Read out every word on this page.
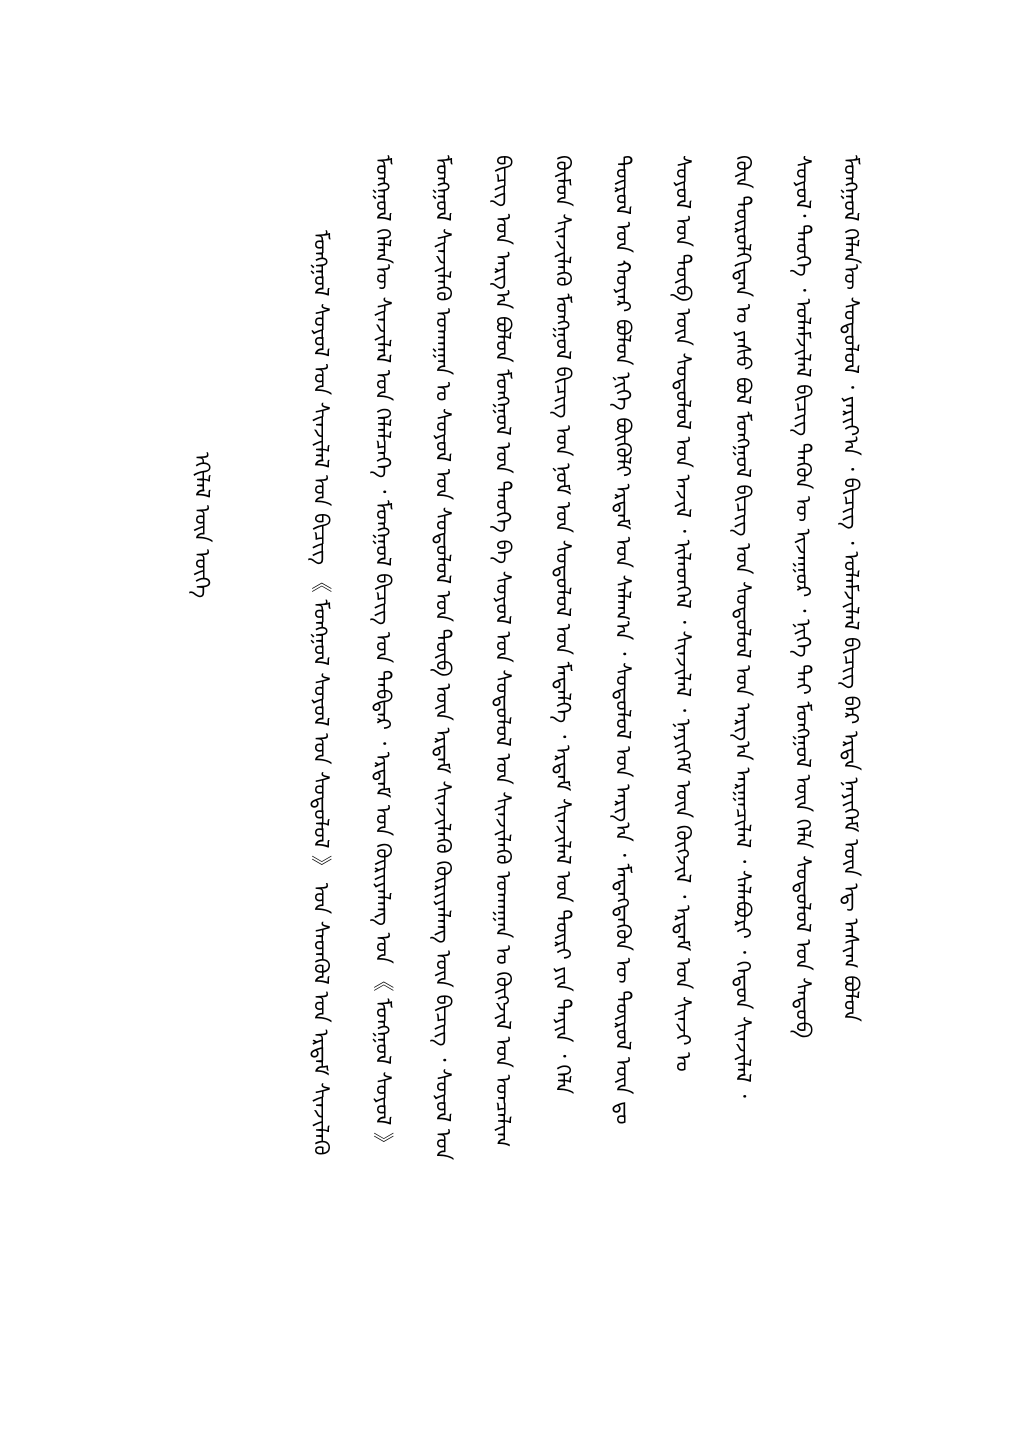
ᠡᠬᠢᠯᠡᠯ ᠦᠨ ᠦᠭᠡ	ᠮᠣᠩᠭᠣᠯ ᠰᠣᠶᠣᠯ ᠤᠨ ᠰᠢᠨᠵᠢᠯᠡᠯ ᠤᠨ ᠪᠢᠴᠢᠭ 《 ᠮᠣᠩᠭᠣᠯ ᠰᠣᠶᠣᠯ ᠤᠨ ᠰᠤᠳᠤᠯᠤᠯ 》 ᠤᠨ ᠰᠡᠳᠬᠦᠯ ᠤᠨ ᠡᠷᠳᠡᠮ ᠰᠢᠨᠵᠢᠯᠡᠬᠦ ᠮᠣᠩᠭᠣᠯ ᠬᠡᠯᠡᠨ᠎ᠦ ᠰᠢᠨᠵᠢᠯᠡᠯ ᠤᠨ ᠬᠡᠯᠡᠯᠴᠡᠭᠡ ᠂ ᠮᠣᠩᠭᠣᠯ ᠪᠢᠴᠢᠭ ᠤᠨ ᠳᠡᠪᠲᠡᠷ ᠂ ᠡᠷᠳᠡᠮ ᠤᠨ ᠬᠦᠷᠢᠶᠡᠯᠡᠩ ᠤᠨ 《 ᠮᠣᠩᠭᠣᠯ ᠰᠣᠶᠣᠯ 》 ᠮᠣᠩᠭᠣᠯ ᠰᠢᠨᠵᠢᠯᠡᠬᠦ ᠤᠬᠠᠭᠠᠨ ᠤ ᠰᠣᠶᠣᠯ ᠤᠨ ᠰᠤᠳᠤᠯᠤᠯ ᠤᠨ ᠲᠥᠪ ᠦᠨ ᠡᠷᠳᠡᠮ ᠰᠢᠨᠵᠢᠯᠡᠬᠦ ᠬᠦᠷᠢᠶᠡᠯᠡᠩ ᠦᠨ ᠪᠢᠴᠢᠭ ᠂ ᠰᠣᠶᠣᠯ ᠤᠨ ᠪᠢᠴᠢᠭ ᠤᠨ ᠠᠷᠭ᠎ᠠ ᠪᠣᠯᠤᠨ ᠮᠣᠩᠭᠣᠯ ᠤᠨ ᠲᠡᠦᠬᠡ ᠪᠠ ᠰᠣᠶᠣᠯ ᠤᠨ ᠰᠤᠳᠤᠯᠤᠯ ᠤᠨ ᠰᠢᠨᠵᠢᠯᠡᠬᠦ ᠤᠬᠠᠭᠠᠨ ᠤ ᠬᠥᠭᠵᠢᠯ ᠤᠨ ᠣᠨᠴᠠᠯᠢᠭ ᠬᠦᠮᠦᠨ ᠰᠢᠨᠵᠢᠯᠡᠬᠦ ᠮᠣᠩᠭᠣᠯ ᠪᠢᠴᠢᠭ ᠤᠨ ᠨᠣᠮ ᠤᠨ ᠰᠤᠳᠤᠯᠤᠯ ᠤᠨ ᠮᠡᠳᠡᠯᠭᠡ ᠂ ᠡᠷᠳᠡᠮ ᠰᠢᠨᠵᠢᠯᠡᠯ ᠤᠨ ᠳᠦᠷᠢ ᠶᠢᠨ ᠲᠡᠶᠢᠨ ᠂ ᠬᠡᠯᠡ ᠲᠦᠷᠦᠯ ᠤᠨ ᠬᠣᠶᠠᠷ ᠪᠣᠯᠤᠨ ᠨᠢᠭᠡ ᠪᠦᠬᠦᠯᠢ ᠡᠷᠳᠡᠮ ᠤᠨ ᠰᠠᠯᠠᠭ᠎ᠠ ᠂ ᠰᠤᠳᠤᠯᠤᠯ ᠤᠨ ᠠᠷᠭ᠎ᠠ ᠂ ᠮᠡᠳᠡᠭᠳᠡᠬᠦᠨ ᠦ ᠲᠥᠷᠦᠯ ᠦᠨ ᠳᠤ ᠰᠣᠶᠣᠯ ᠤᠨ ᠲᠥᠪ ᠦᠨ ᠰᠣᠳᠤᠯᠤᠯ ᠤᠨ ᠠᠵᠢᠯ ᠂ ᠢᠯᠡᠳᠬᠡᠯ ᠂ ᠰᠢᠨᠵᠢᠯᠡᠯ ᠂ ᠨᠡᠶᠢᠭᠡᠮ ᠦᠨ ᠬᠥᠭᠵᠢᠯ ᠂ ᠡᠷᠳᠡᠮ ᠤᠨ ᠰᠢᠨᠵᠢ ᠤ ᠬᠦᠨ ᠲᠥᠷᠦᠯᠬᠢᠲᠡᠨ ᠤ ᠶᠠᠰᠤ ᠪᠣᠯ ᠮᠣᠩᠭᠣᠯ ᠪᠢᠴᠢᠭ ᠤᠨ ᠰᠤᠳᠤᠯᠤᠯ ᠤᠨ ᠠᠷᠭ᠎ᠠ ᠠᠷᠭᠠᠴᠢᠯᠠᠯ ᠂ ᠰᠠᠯᠠᠪᠤᠷᠢ ᠂ ᠬᠡᠳᠦᠨ ᠰᠢᠨᠵᠢᠯᠡᠯ ᠂ ᠰᠣᠶᠣᠯ᠂ ᠲᠡᠦᠬᠡ ᠂ ᠤᠯᠠᠮᠵᠢᠯᠠᠯ ᠪᠢᠴᠢᠭ ᠲᠡᠭᠦᠨ ᠦ ᠢᠵᠠᠭᠤᠷ ᠂ ᠨᠢᠭᠡ ᠲᠡᠢ ᠮᠣᠩᠭᠣᠯ ᠦᠨ ᠬᠡᠯᠡ ᠰᠤᠳᠤᠯᠤᠯ ᠤᠨ ᠰᠡᠳᠦᠪ ᠮᠣᠩᠭᠣᠯ ᠬᠡᠯᠡᠨ᠎ᠦ ᠰᠤᠳᠤᠯᠤᠯ ᠂ ᠶᠠᠷᠢᠶ᠎ᠠ ᠂ ᠪᠢᠴᠢᠭ ᠂ ᠤᠯᠠᠮᠵᠢᠯᠠᠯ ᠪᠢᠴᠢᠭ ᠪᠠᠷ ᠡᠷᠲᠡ ᠨᠡᠶᠢᠭᠡᠮ ᠦᠨ ᠡᠳ᠋ ᠠᠰᠢᠭ᠋ ᠪᠣᠯᠤᠨ
